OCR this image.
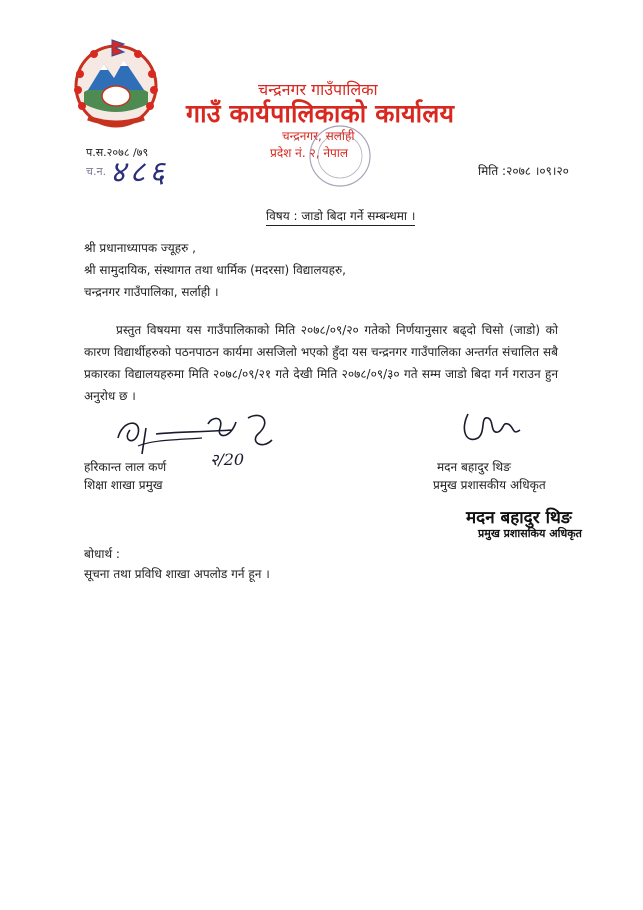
चन्द्रनगर गाउँपालिका
गाउँ कार्यपालिकाको कार्यालय
चन्द्रनगर, सर्लाही
प्रदेश नं. २, नेपाल
प.स.२०७८ /७९
च.न. ४८६	मिति :२०७८ ।०९।२०
विषय : जाडो बिदा गर्ने सम्बन्धमा ।
श्री प्रधानाध्यापक ज्यूहरु ,
श्री सामुदायिक, संस्थागत तथा धार्मिक (मदरसा) विद्यालयहरु,
चन्द्रनगर गाउँपालिका, सर्लाही ।
प्रस्तुत विषयमा यस गाउँपालिकाको मिति २०७८/०९/२० गतेको निर्णयानुसार बढ्दो चिसो (जाडो) को कारण विद्यार्थीहरुको पठनपाठन कार्यमा असजिलो भएको हुँदा यस चन्द्रनगर गाउँपालिका अन्तर्गत संचालित सबै प्रकारका विद्यालयहरुमा मिति २०७८/०९/२१ गते देखी मिति २०७८/०९/३० गते सम्म जाडो बिदा गर्न गराउन हुन अनुरोध छ ।
२/20
हरिकान्त लाल कर्ण
शिक्षा शाखा प्रमुख
मदन बहादुर थिङ
प्रमुख प्रशासकीय अधिकृत
मदन बहादुर थिङ
प्रमुख प्रशासकिय अधिकृत
बोधार्थ :
सूचना तथा प्रविधि शाखा अपलोड गर्न हून ।
